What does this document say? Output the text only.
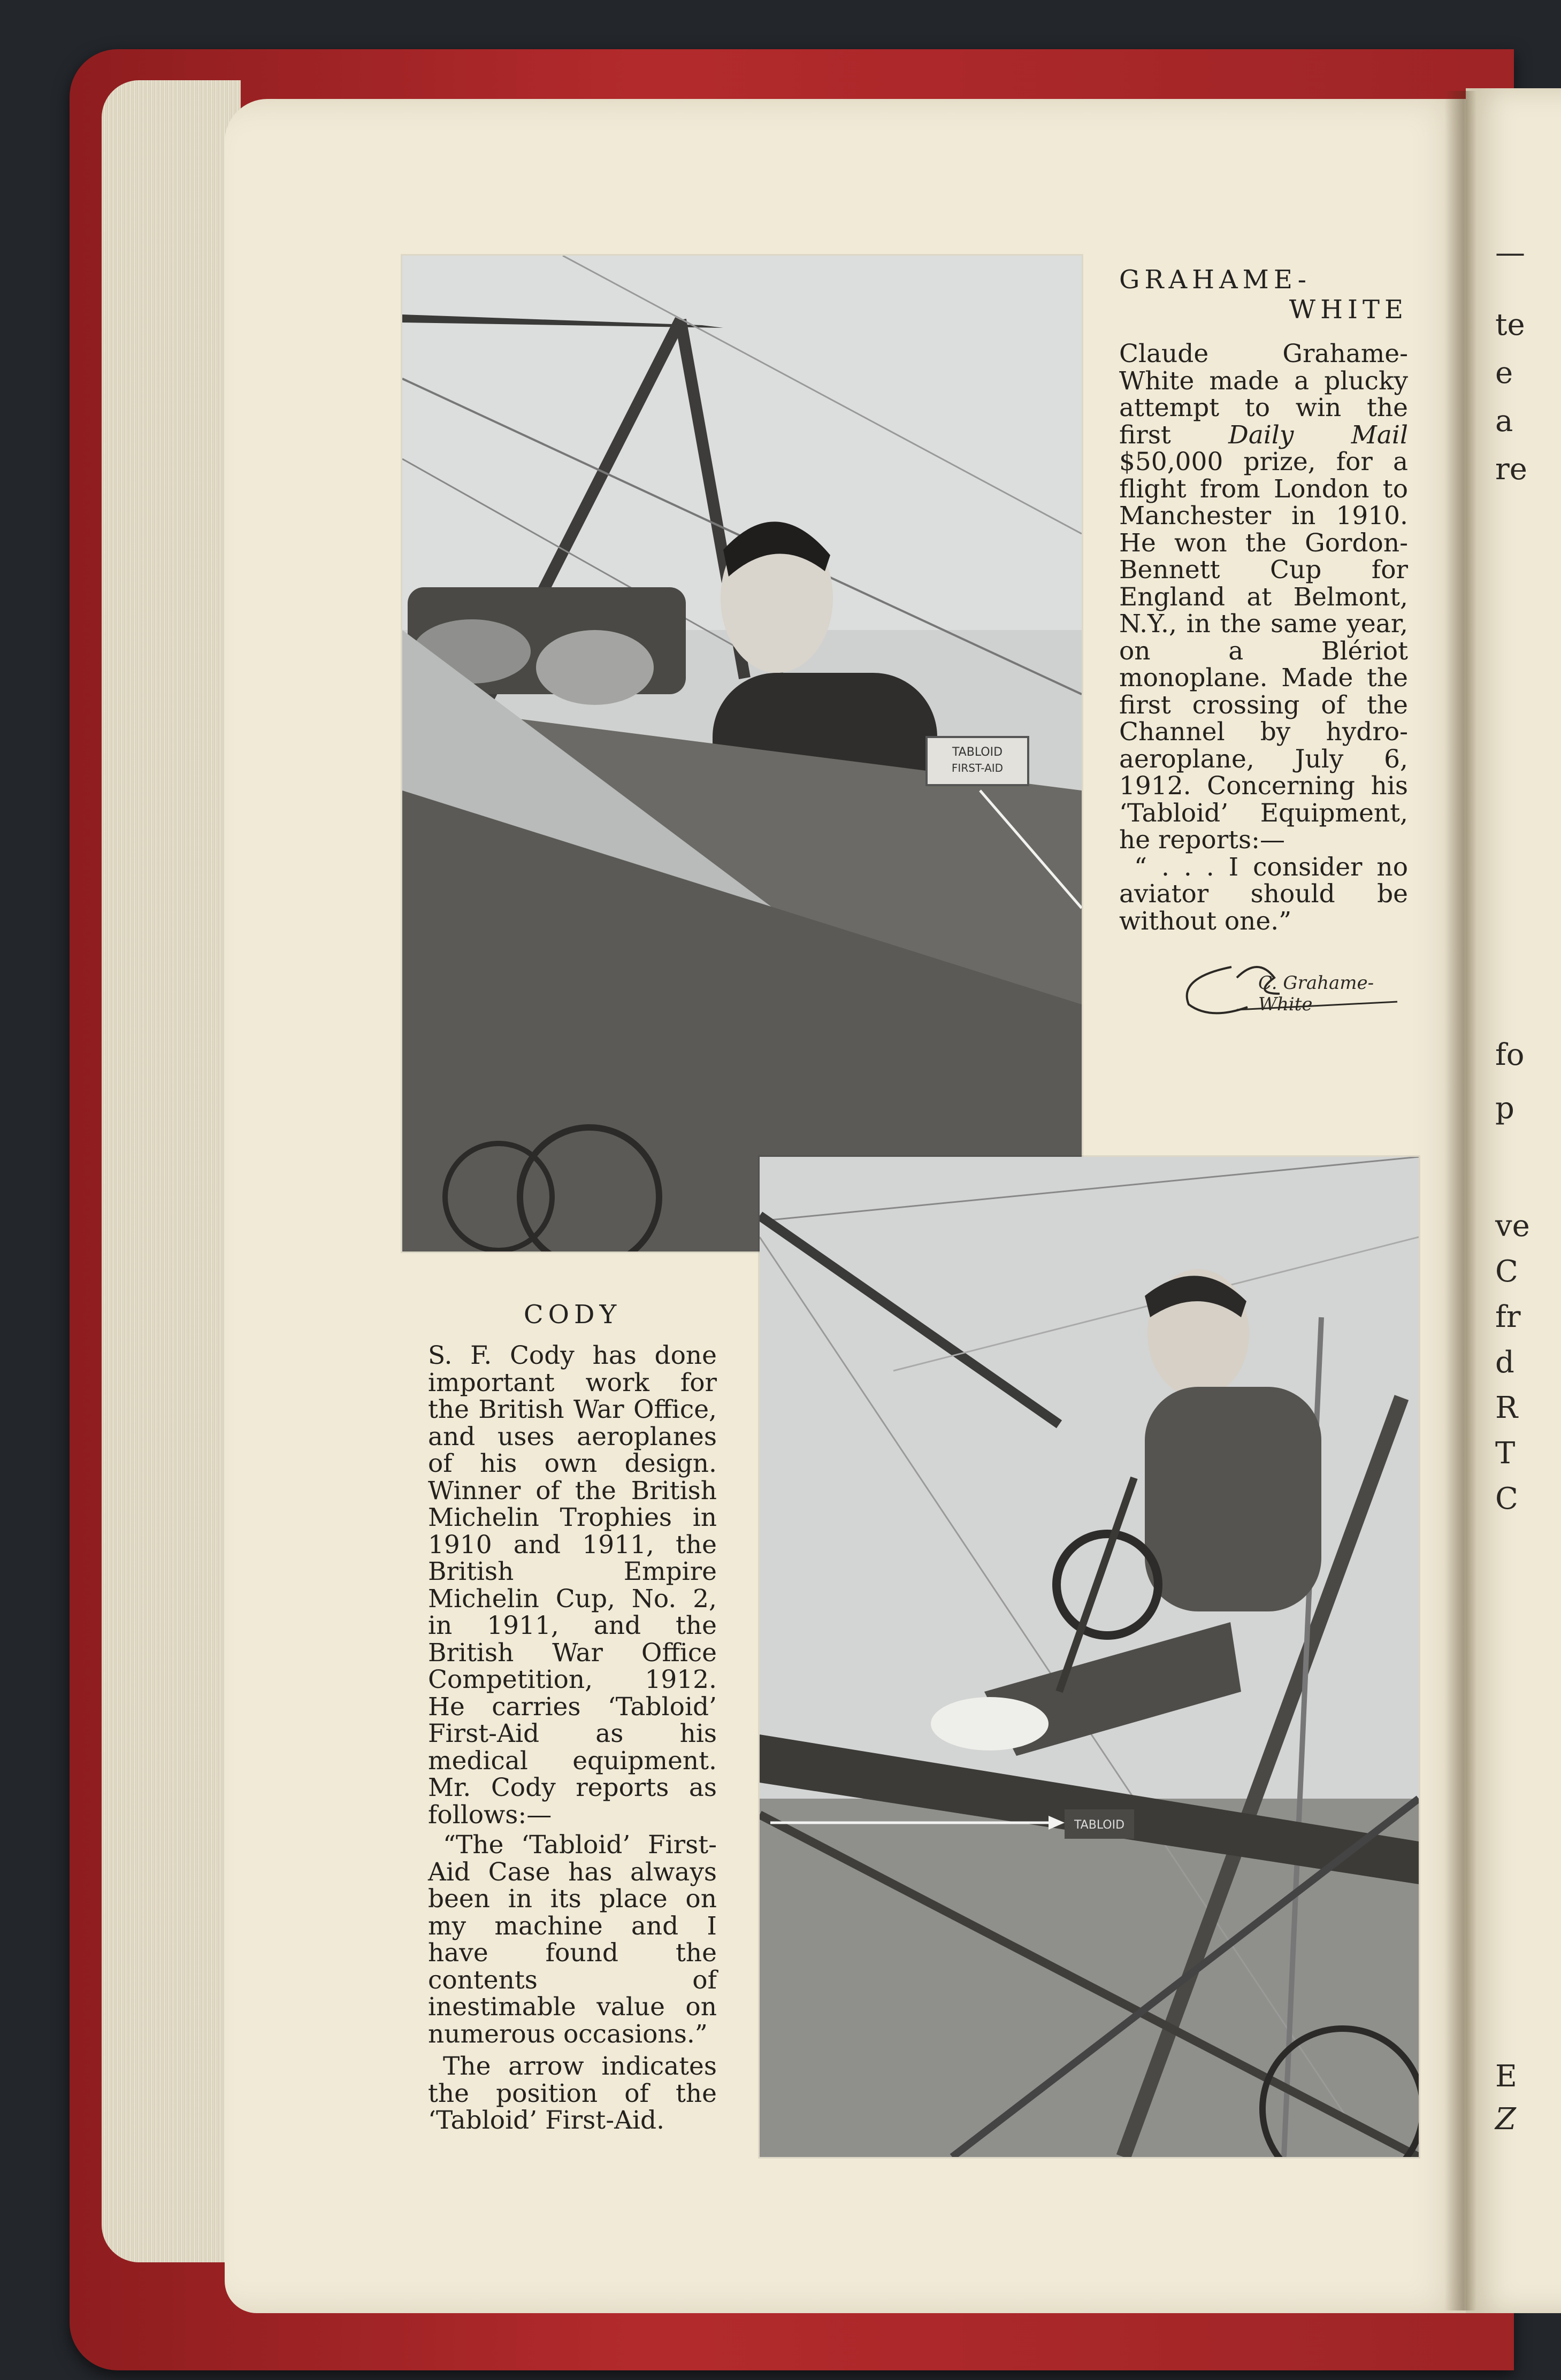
TABLOID
FIRST-AID
TABLOID
GRAHAME-
WHITE

Claude Grahame-White made a plucky attempt to win the first Daily Mail $50,000 prize, for a flight from London to Manchester in 1910. He won the Gordon-Bennett Cup for England at Belmont, N.Y., in the same year, on a Blériot monoplane. Made the first crossing of the Channel by hydro-aeroplane, July 6, 1912. Concerning his ‘Tabloid’ Equipment, he reports:—

“ . . . I consider no aviator should be without one.”

C. Grahame-White
CODY

S. F. Cody has done important work for the British War Office, and uses aeroplanes of his own design. Winner of the British Michelin Trophies in 1910 and 1911, the British Empire Michelin Cup, No. 2, in 1911, and the British War Office Competition, 1912. He carries ‘Tabloid’ First-Aid as his medical equipment. Mr. Cody reports as follows:—

“The ‘Tabloid’ First-Aid Case has always been in its place on my machine and I have found the contents of inestimable value on numerous occasions.”

The arrow indicates the position of the ‘Tabloid’ First-Aid.

—
te
e
a
re
fo
p
ve
C
fr
d
R
T
C
E
Z
